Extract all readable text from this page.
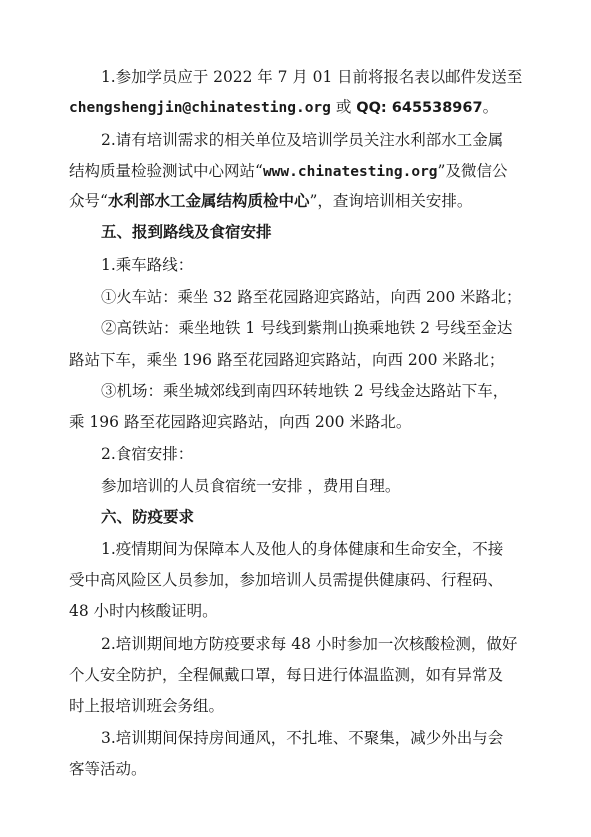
1.参加学员应于 2022 年 7 月 01 日前将报名表以邮件发送至
chengshengjin@chinatesting.org 或 QQ: 645538967。
2.请有培训需求的相关单位及培训学员关注水利部水工金属
结构质量检验测试中心网站“www.chinatesting.org”及微信公
众号“水利部水工金属结构质检中心”，查询培训相关安排。
五、报到路线及食宿安排
1.乘车路线：
①火车站：乘坐 32 路至花园路迎宾路站，向西 200 米路北；
②高铁站：乘坐地铁 1 号线到紫荆山换乘地铁 2 号线至金达
路站下车，乘坐 196 路至花园路迎宾路站，向西 200 米路北；
③机场：乘坐城郊线到南四环转地铁 2 号线金达路站下车，
乘 196 路至花园路迎宾路站，向西 200 米路北。
2.食宿安排：
参加培训的人员食宿统一安排 ，费用自理。
六、防疫要求
1.疫情期间为保障本人及他人的身体健康和生命安全，不接
受中高风险区人员参加，参加培训人员需提供健康码、行程码、
48 小时内核酸证明。
2.培训期间地方防疫要求每 48 小时参加一次核酸检测，做好
个人安全防护，全程佩戴口罩，每日进行体温监测，如有异常及
时上报培训班会务组。
3.培训期间保持房间通风，不扎堆、不聚集，减少外出与会
客等活动。
